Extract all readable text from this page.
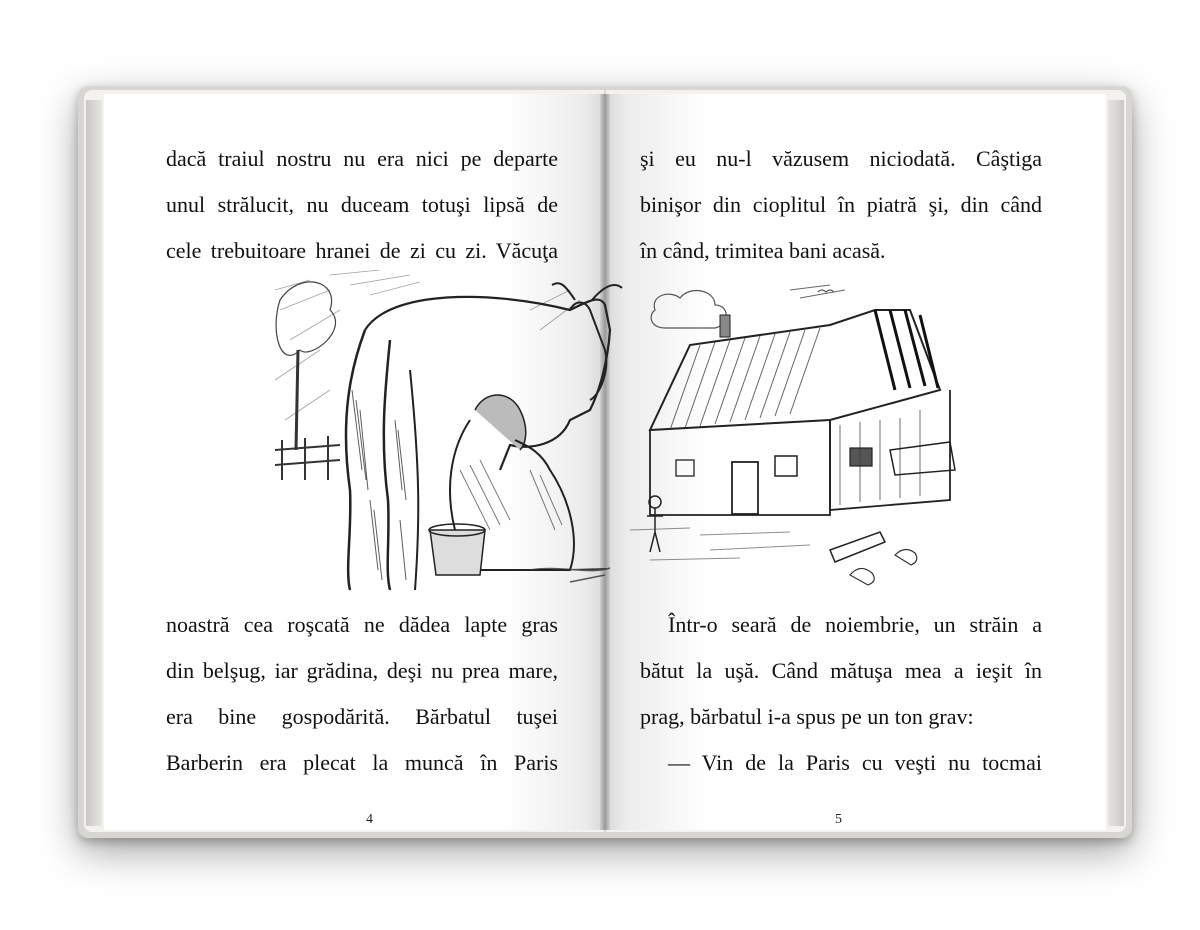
dacă traiul nostru nu era nici pe departe
unul strălucit, nu duceam totuşi lipsă de
cele trebuitoare hranei de zi cu zi. Văcuţa
şi eu nu-l văzusem niciodată. Câştiga
binişor din cioplitul în piatră şi, din când
în când, trimitea bani acasă.
noastră cea roşcată ne dădea lapte gras
din belşug, iar grădina, deşi nu prea mare,
era bine gospodărită. Bărbatul tuşei
Barberin era plecat la muncă în Paris
Într-o seară de noiembrie, un străin a
bătut la uşă. Când mătuşa mea a ieşit în
prag, bărbatul i-a spus pe un ton grav:
— Vin de la Paris cu veşti nu tocmai
4	5
